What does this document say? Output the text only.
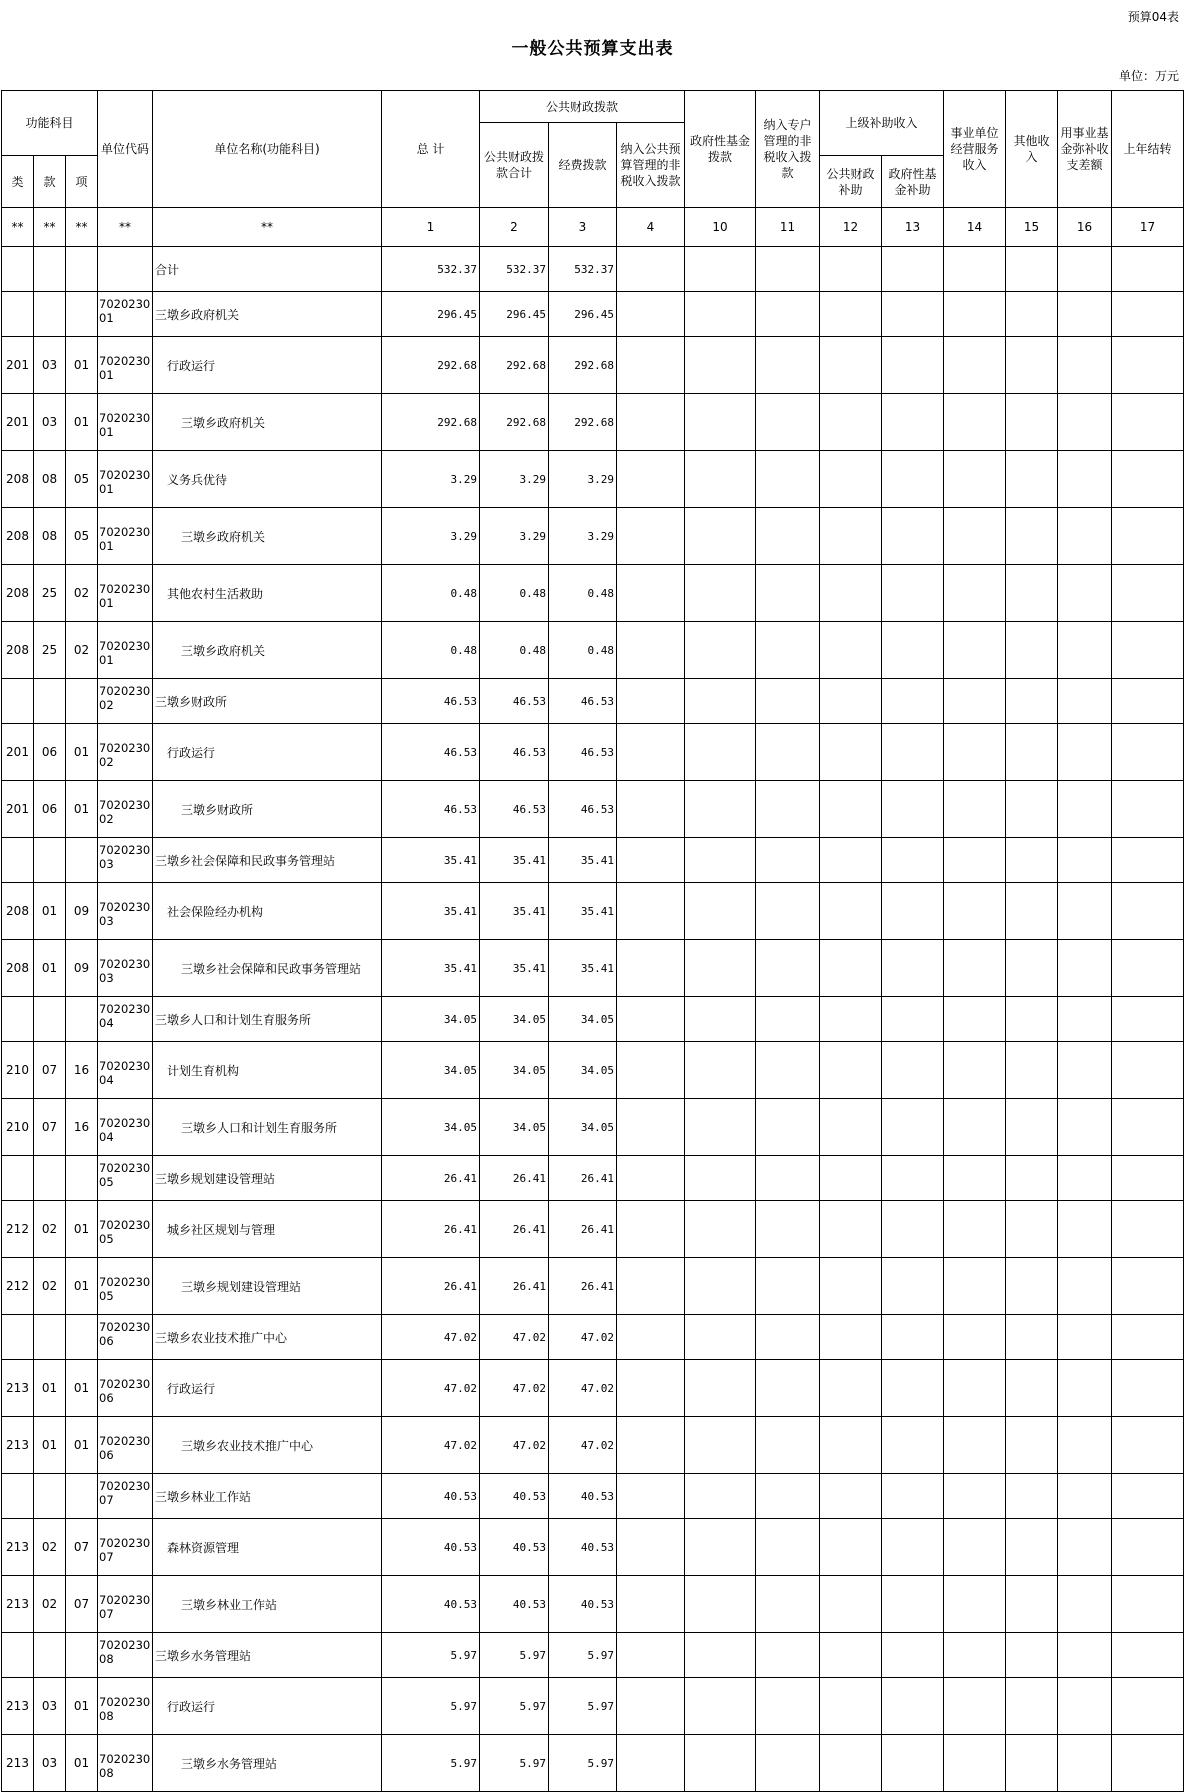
预算04表
一般公共预算支出表
单位：万元
功能科目			单位代码	单位名称(功能科目)	总 计	公共财政拨款			政府性基金拨款	纳入专户管理的非税收入拨款	上级补助收入		事业单位经营服务收入	其他收入	用事业基金弥补收支差额	上年结转
						公共财政拨款合计	经费拨款	纳入公共预算管理的非税收入拨款								
类	款	项									公共财政补助	政府性基金补助				
**	**	**	**	**	1	2	3	4	10	11	12	13	14	15	16	17
				合计	532.37	532.37	532.37									

			702023001	三墩乡政府机关	296.45	296.45	296.45									
201	03	01	702023001	行政运行	292.68	292.68	292.68									
201	03	01	702023001	三墩乡政府机关	292.68	292.68	292.68									
208	08	05	702023001	义务兵优待	3.29	3.29	3.29									
208	08	05	702023001	三墩乡政府机关	3.29	3.29	3.29									
208	25	02	702023001	其他农村生活救助	0.48	0.48	0.48									
208	25	02	702023001	三墩乡政府机关	0.48	0.48	0.48									

			702023002	三墩乡财政所	46.53	46.53	46.53									
201	06	01	702023002	行政运行	46.53	46.53	46.53									
201	06	01	702023002	三墩乡财政所	46.53	46.53	46.53									

			702023003	三墩乡社会保障和民政事务管理站	35.41	35.41	35.41									
208	01	09	702023003	社会保险经办机构	35.41	35.41	35.41									
208	01	09	702023003	三墩乡社会保障和民政事务管理站	35.41	35.41	35.41									

			702023004	三墩乡人口和计划生育服务所	34.05	34.05	34.05									
210	07	16	702023004	计划生育机构	34.05	34.05	34.05									
210	07	16	702023004	三墩乡人口和计划生育服务所	34.05	34.05	34.05									

			702023005	三墩乡规划建设管理站	26.41	26.41	26.41									
212	02	01	702023005	城乡社区规划与管理	26.41	26.41	26.41									
212	02	01	702023005	三墩乡规划建设管理站	26.41	26.41	26.41									

			702023006	三墩乡农业技术推广中心	47.02	47.02	47.02									
213	01	01	702023006	行政运行	47.02	47.02	47.02									
213	01	01	702023006	三墩乡农业技术推广中心	47.02	47.02	47.02									

			702023007	三墩乡林业工作站	40.53	40.53	40.53									
213	02	07	702023007	森林资源管理	40.53	40.53	40.53									
213	02	07	702023007	三墩乡林业工作站	40.53	40.53	40.53									

			702023008	三墩乡水务管理站	5.97	5.97	5.97									
213	03	01	702023008	行政运行	5.97	5.97	5.97									
213	03	01	702023008	三墩乡水务管理站	5.97	5.97	5.97									
